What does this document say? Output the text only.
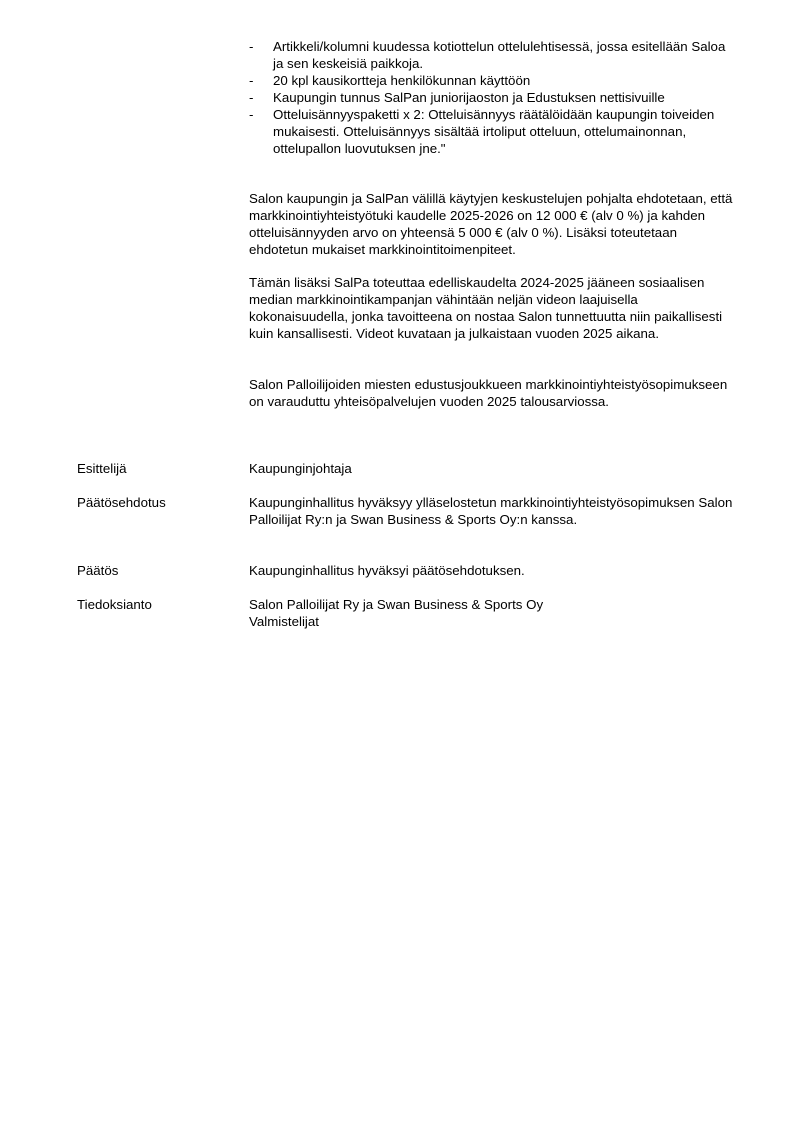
- Artikkeli/kolumni kuudessa kotiottelun ottelulehtisessä, jossa esitellään Saloa ja sen keskeisiä paikkoja.
- 20 kpl kausikortteja henkilökunnan käyttöön
- Kaupungin tunnus SalPan juniorijaoston ja Edustuksen nettisivuille
- Otteluisännyyspaketti x 2: Otteluisännyys räätälöidään kaupungin toiveiden mukaisesti. Otteluisännyys sisältää irtoliput otteluun, ottelumainonnan, ottelupallon luovutuksen jne."

Salon kaupungin ja SalPan välillä käytyjen keskustelujen pohjalta ehdotetaan, että markkinointiyhteistyötuki kaudelle 2025-2026 on 12 000 € (alv 0 %) ja kahden otteluisännyyden arvo on yhteensä 5 000 € (alv 0 %). Lisäksi toteutetaan ehdotetun mukaiset markkinointitoimenpiteet.

Tämän lisäksi SalPa toteuttaa edelliskaudelta 2024-2025 jääneen sosiaalisen median markkinointikampanjan vähintään neljän videon laajuisella kokonaisuudella, jonka tavoitteena on nostaa Salon tunnettuutta niin paikallisesti kuin kansallisesti. Videot kuvataan ja julkaistaan vuoden 2025 aikana.

Salon Palloilijoiden miesten edustusjoukkueen markkinointiyhteistyösopimukseen on varauduttu yhteisöpalvelujen vuoden 2025 talousarviossa.

Esittelijä	Kaupunginjohtaja

Päätösehdotus	Kaupunginhallitus hyväksyy ylläselostetun markkinointiyhteistyösopimuksen Salon Palloilijat Ry:n ja Swan Business & Sports Oy:n kanssa.

Päätös	Kaupunginhallitus hyväksyi päätösehdotuksen.

Tiedoksianto	Salon Palloilijat Ry ja Swan Business & Sports Oy
Valmistelijat
